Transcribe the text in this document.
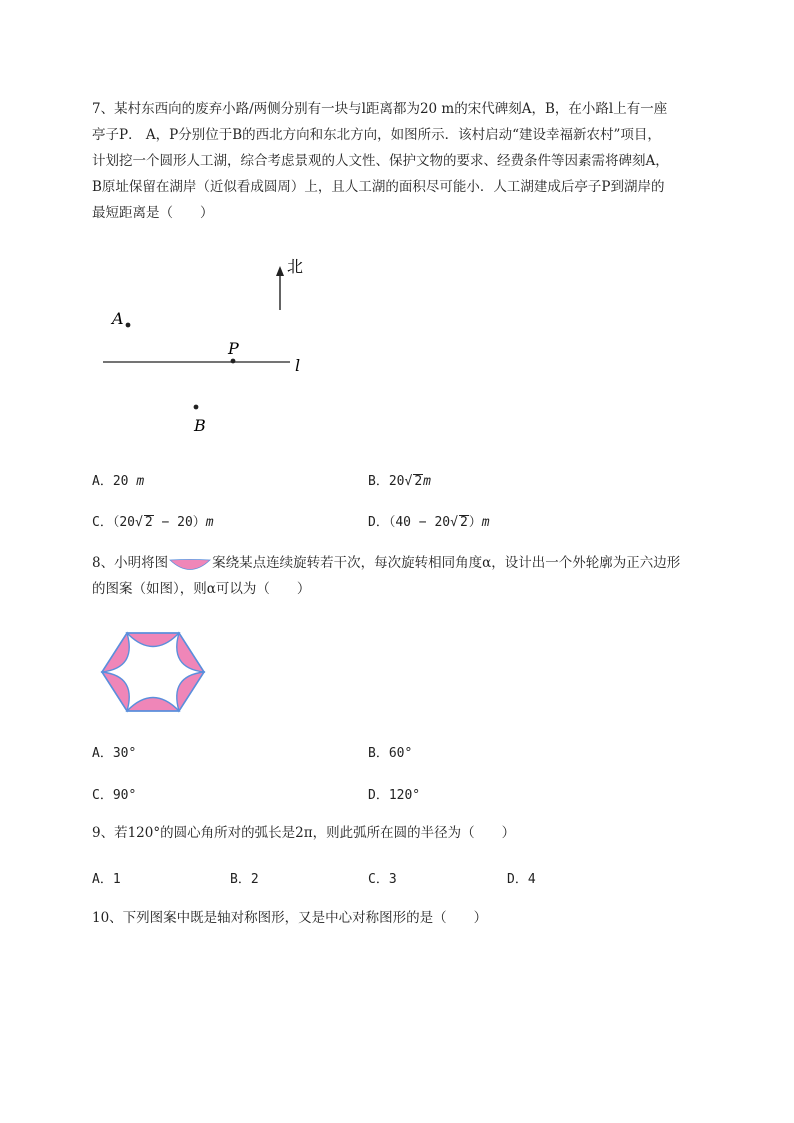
7、某村东西向的废弃小路/两侧分别有一块与l距离都为20 m的宋代碑刻A，B，在小路l上有一座
亭子P． A，P分别位于B的西北方向和东北方向，如图所示．该村启动“建设幸福新农村”项目，
计划挖一个圆形人工湖，综合考虑景观的人文性、保护文物的要求、经费条件等因素需将碑刻A，
B原址保留在湖岸（近似看成圆周）上，且人工湖的面积尽可能小．人工湖建成后亭子P到湖岸的
最短距离是（　　）
北
A
P
l
B
A．20 m	B．20√ 2m
C．（20√ 2 − 20）m	D．（40 − 20√ 2）m
8、小明将图	案绕某点连续旋转若干次，每次旋转相同角度α，设计出一个外轮廓为正六边形
的图案（如图），则α可以为（　　）
A．30°	B．60°
C．90°	D．120°
9、若120°的圆心角所对的弧长是2π，则此弧所在圆的半径为（　　）
A．1	B．2	C．3	D．4
10、下列图案中既是轴对称图形，又是中心对称图形的是（　　）
